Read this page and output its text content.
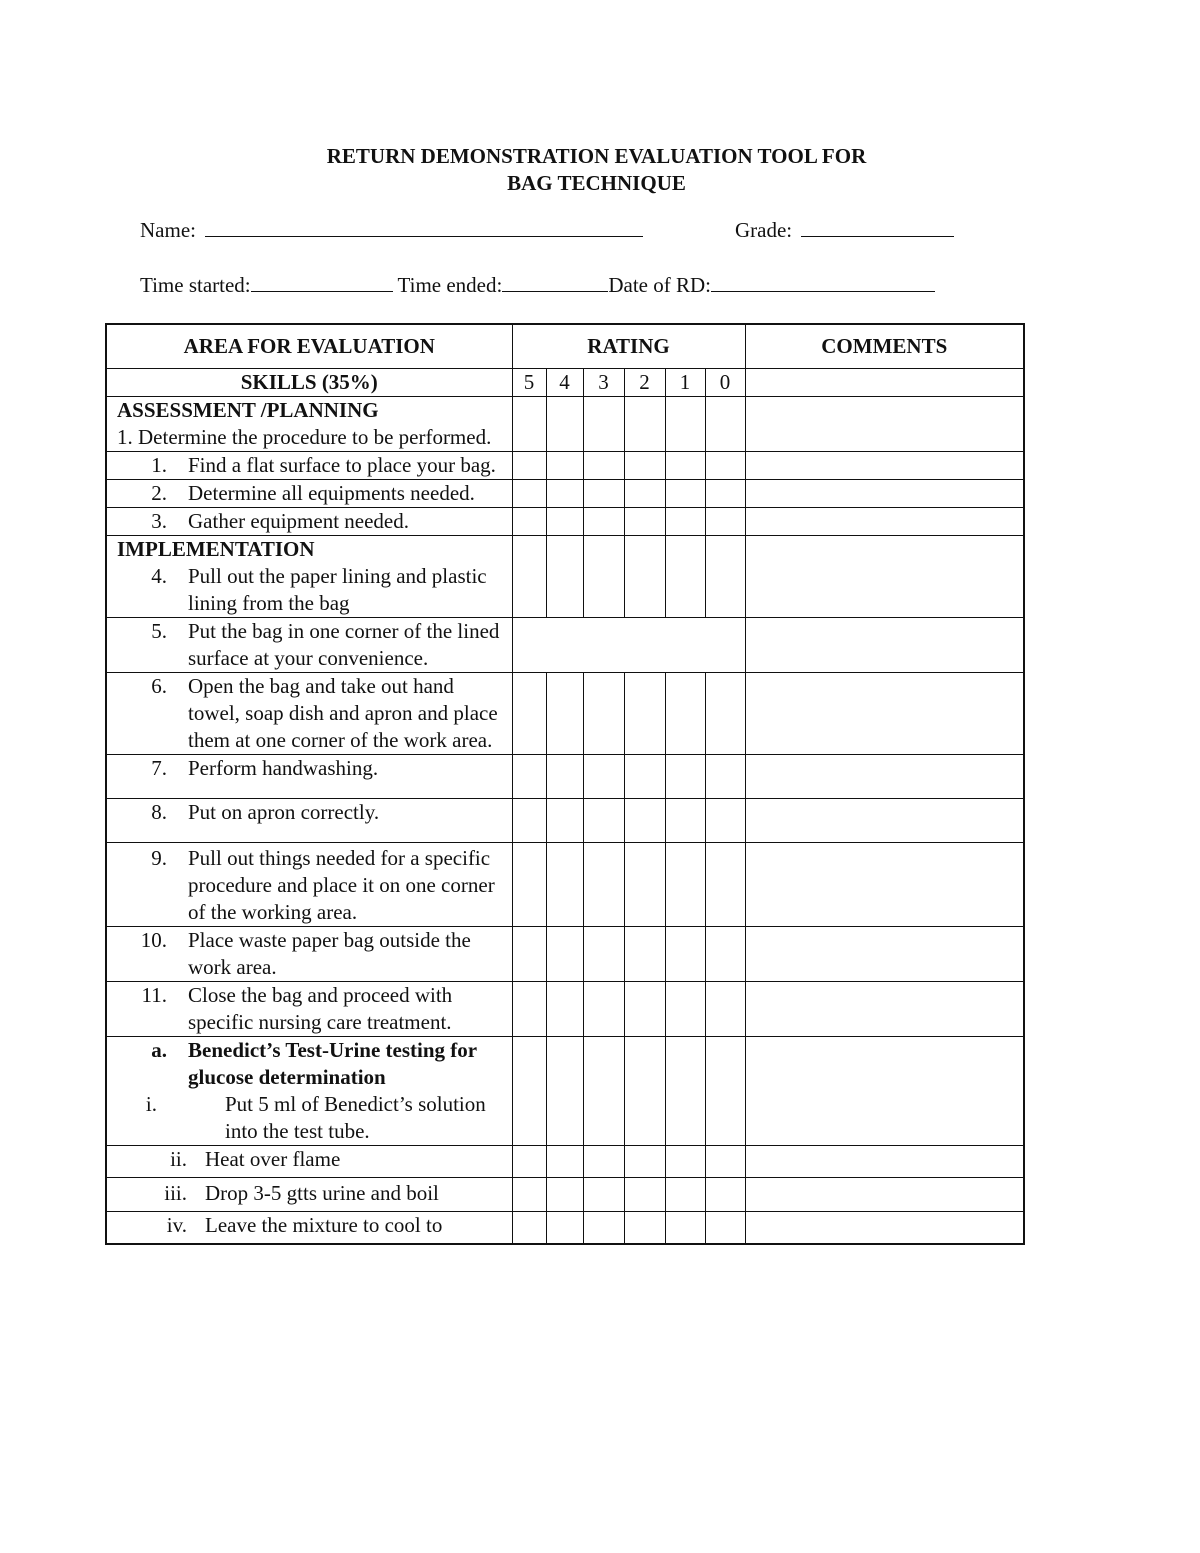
RETURN DEMONSTRATION EVALUATION TOOL FOR
BAG TECHNIQUE
Name:	Grade:
Time started:	Time ended:	Date of RD:
AREA FOR EVALUATION	RATING						COMMENTS
SKILLS (35%)	5	4	3	2	1	0	

ASSESSMENT /PLANNING
1. Determine the procedure to be performed.							

1. Find a flat surface to place your bag.							

2. Determine all equipments needed.							

3. Gather equipment needed.							

IMPLEMENTATION
4. Pull out the paper lining and plastic lining from the bag							

5. Put the bag in one corner of the lined surface at your convenience.							

6. Open the bag and take out hand towel, soap dish and apron and place them at one corner of the work area.							

7. Perform handwashing.							

8. Put on apron correctly.							

9. Pull out things needed for a specific procedure and place it on one corner of the working area.							

10. Place waste paper bag outside the work area.							

11. Close the bag and proceed with specific nursing care treatment.							

a. Benedict’s Test-Urine testing for glucose determination
i. Put 5 ml of Benedict’s solution into the test tube.							

ii. Heat over flame							

iii. Drop 3-5 gtts urine and boil							

iv. Leave the mixture to cool to							
